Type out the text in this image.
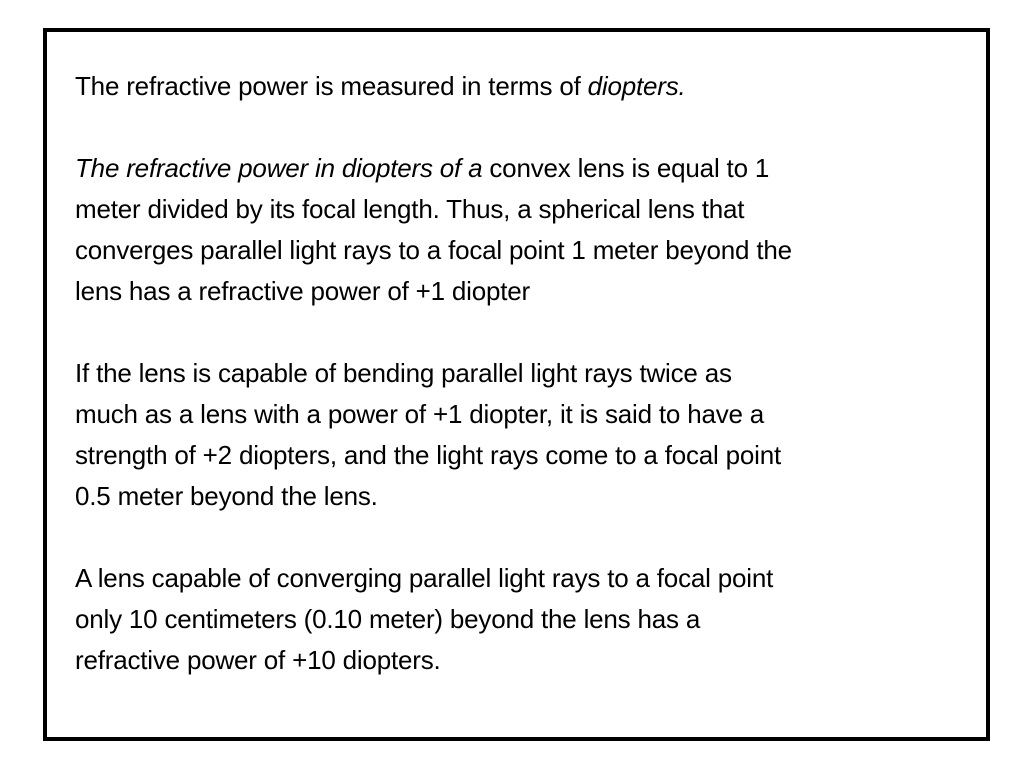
The refractive power is measured in terms of diopters.
The refractive power in diopters of a convex lens is equal to 1
meter divided by its focal length. Thus, a spherical lens that
converges parallel light rays to a focal point 1 meter beyond the
lens has a refractive power of +1 diopter
If the lens is capable of bending parallel light rays twice as
much as a lens with a power of +1 diopter, it is said to have a
strength of +2 diopters, and the light rays come to a focal point
0.5 meter beyond the lens.
A lens capable of converging parallel light rays to a focal point
only 10 centimeters (0.10 meter) beyond the lens has a
refractive power of +10 diopters.
